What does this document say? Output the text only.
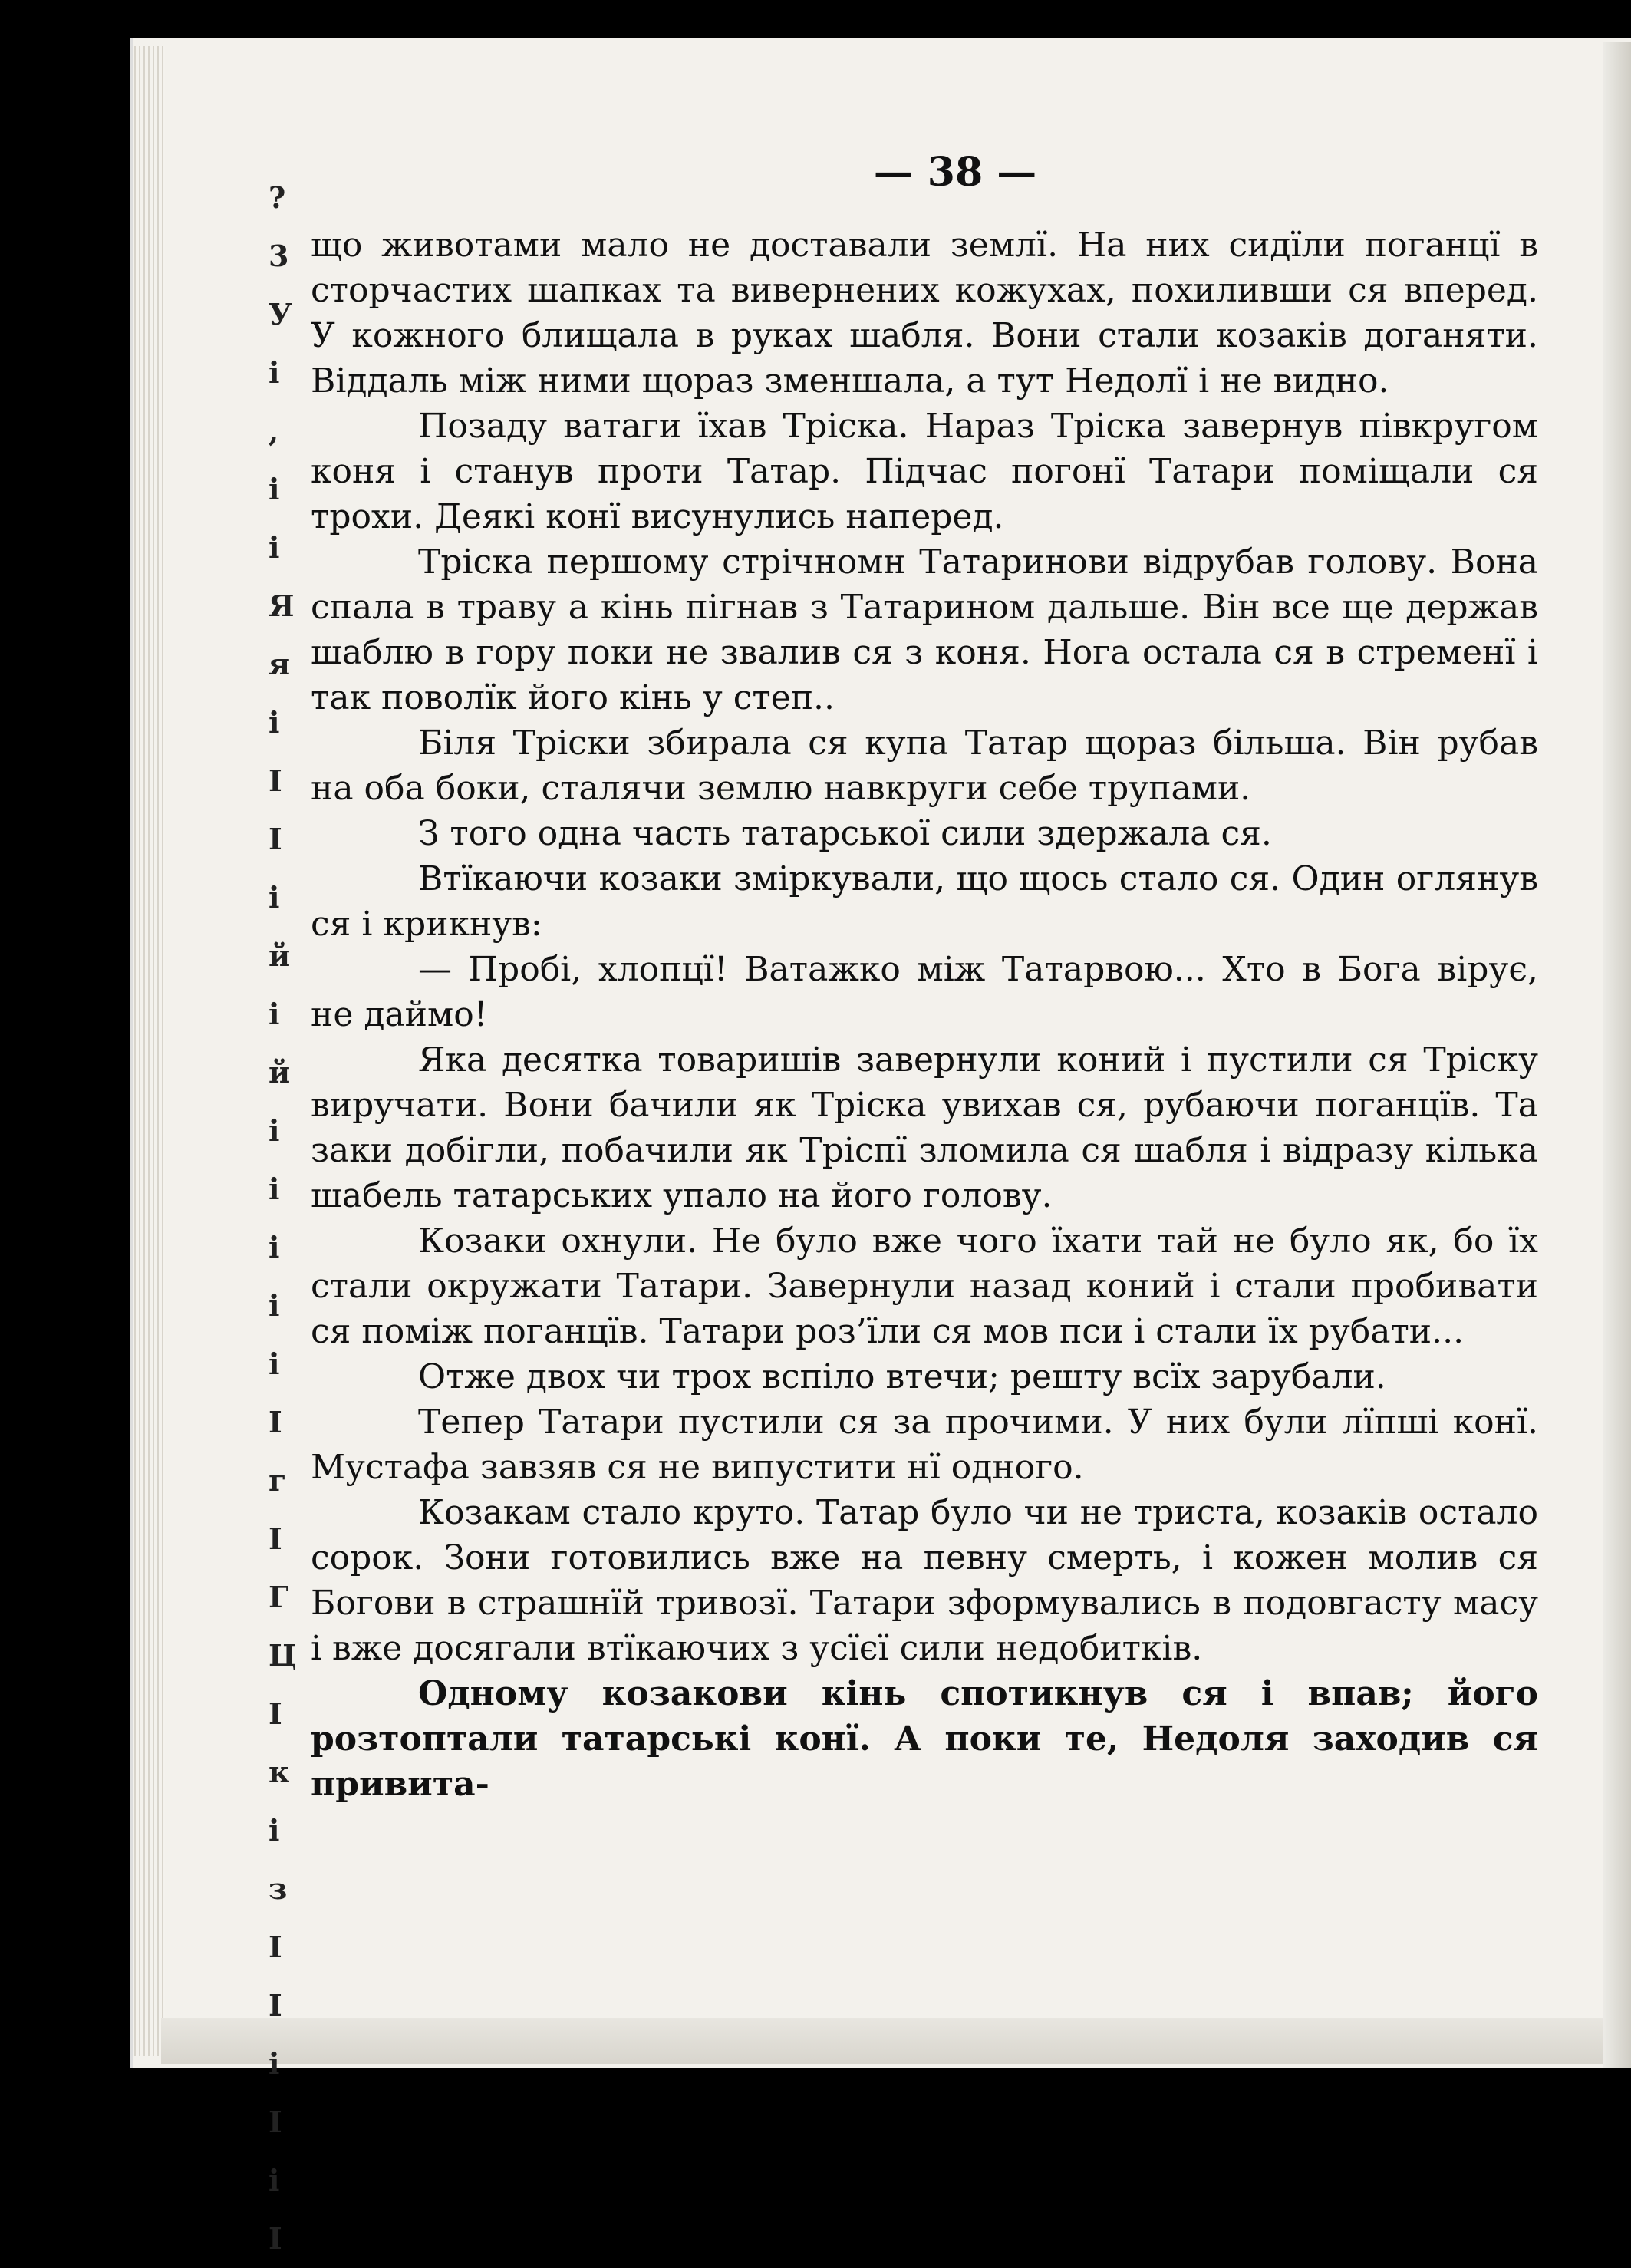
?
3
У
і
,
і
і
Я
я
і
І
І
і
й
і
й
і
і
і
і
і
І
г
І
Г
Ц
І
к
і
з
І
І
і
І
і
І
— 38 —

що животами мало не доставали землї. На них сидїли поганцї в сторчастих шапках та вивернених кожухах, похиливши ся вперед. У кожного блищала в руках шабля. Вони стали козаків доганяти. Віддаль між ними щораз зменшала, а тут Недолї і не видно.

Позаду ватаги їхав Тріска. Нараз Тріска завернув півкругом коня і станув проти Татар. Підчас погонї Татари поміщали ся трохи. Деякі конї висунулись наперед.

Тріска першому стрічномн Татаринови відрубав голову. Вона спала в траву а кінь пігнав з Татарином дальше. Він все ще держав шаблю в гору поки не звалив ся з коня. Нога остала ся в стременї і так поволїк його кінь у степ..

Біля Тріски збирала ся купа Татар щораз більша. Він рубав на оба боки, сталячи землю навкруги себе трупами.

З того одна часть татарської сили здержала ся.

Втїкаючи козаки зміркували, що щось стало ся. Один оглянув ся і крикнув:

— Пробі, хлопцї! Ватажко між Татарвою... Хто в Бога вірує, не даймо!

Яка десятка товаришів завернули коний і пустили ся Тріску виручати. Вони бачили як Тріска увихав ся, рубаючи поганцїв. Та заки добігли, побачили як Тріспї зломила ся шабля і відразу кілька шабель татарських упало на його голову.

Козаки охнули. Не було вже чого їхати тай не було як, бо їх стали окружати Татари. Завернули назад коний і стали пробивати ся поміж поганцїв. Татари роз’їли ся мов пси і стали їх рубати...

Отже двох чи трох вспіло втечи; решту всїх зарубали.

Тепер Татари пустили ся за прочими. У них були лїпші конї. Мустафа завзяв ся не випустити нї одного.

Козакам стало круто. Татар було чи не триста, козаків остало сорок. Зони готовились вже на певну смерть, і кожен молив ся Богови в страшнїй тривозї. Татари зформувались в подовгасту масу і вже досягали втїкаючих з усїєї сили недобитків.

Одному козакови кінь спотикнув ся і впав; його розтоптали татарські конї. А поки те, Недоля заходив ся привита-
